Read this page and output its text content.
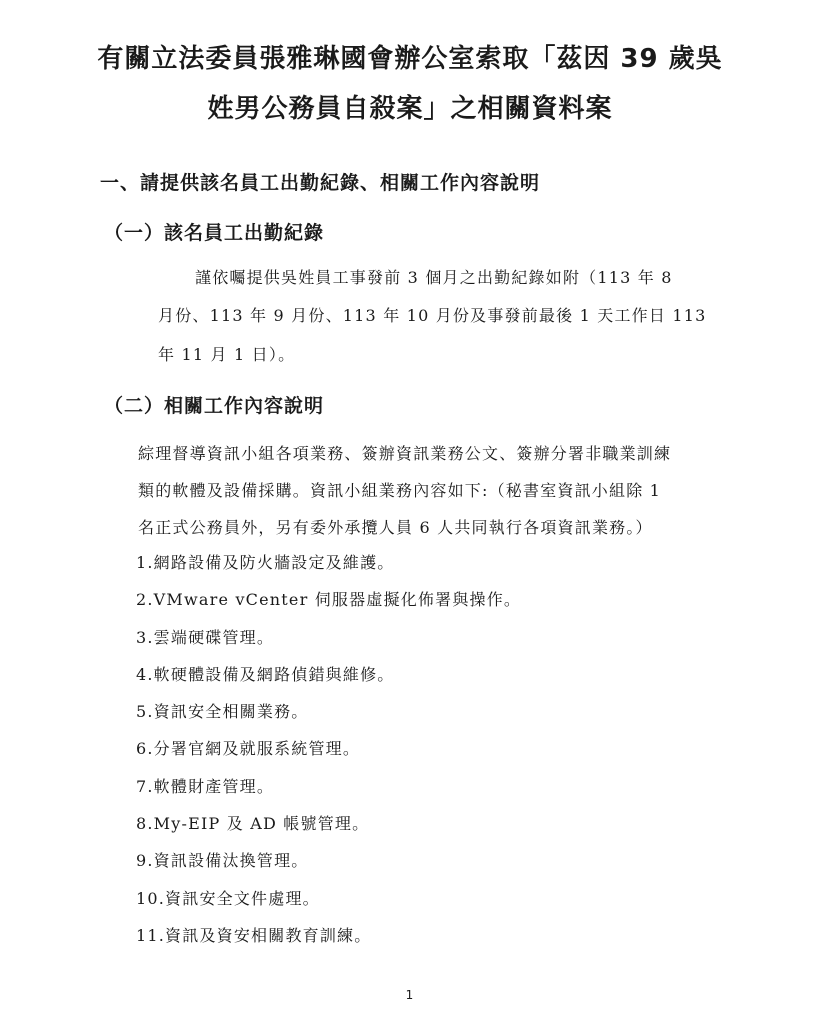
有關立法委員張雅琳國會辦公室索取「茲因 39 歲吳
姓男公務員自殺案」之相關資料案
一、請提供該名員工出勤紀錄、相關工作內容說明
（一）該名員工出勤紀錄
謹依囑提供吳姓員工事發前 3 個月之出勤紀錄如附（113 年 8
月份、113 年 9 月份、113 年 10 月份及事發前最後 1 天工作日 113
年 11 月 1 日）。
（二）相關工作內容說明
綜理督導資訊小組各項業務、簽辦資訊業務公文、簽辦分署非職業訓練
類的軟體及設備採購。資訊小組業務內容如下:（秘書室資訊小組除 1
名正式公務員外，另有委外承攬人員 6 人共同執行各項資訊業務。）
1.網路設備及防火牆設定及維護。
2.VMware vCenter 伺服器虛擬化佈署與操作。
3.雲端硬碟管理。
4.軟硬體設備及網路偵錯與維修。
5.資訊安全相關業務。
6.分署官網及就服系統管理。
7.軟體財產管理。
8.My-EIP 及 AD 帳號管理。
9.資訊設備汰換管理。
10.資訊安全文件處理。
11.資訊及資安相關教育訓練。
1
